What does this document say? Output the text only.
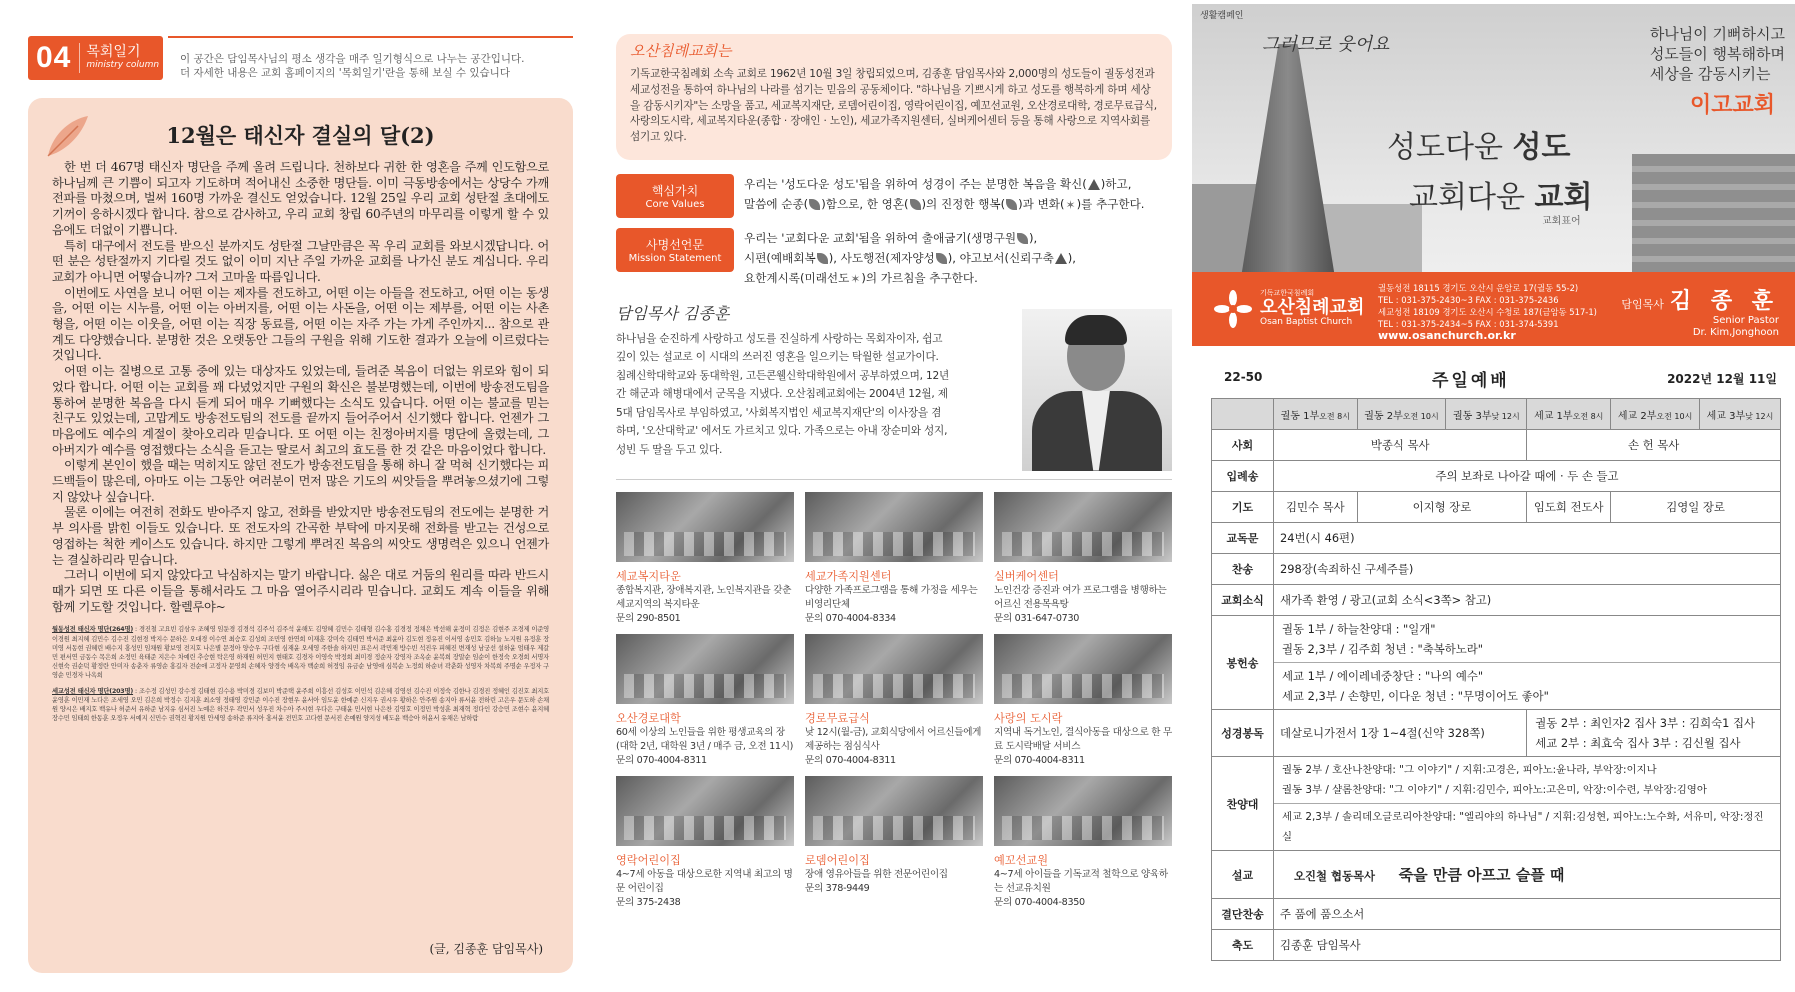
04	목회일기
ministry column 이 공간은 담임목사님의 평소 생각을 매주 일기형식으로 나누는 공간입니다.
더 자세한 내용은 교회 홈페이지의 '목회일기'란을 통해 보실 수 있습니다
12월은 태신자 결실의 달(2)

한 번 더 467명 태신자 명단을 주께 올려 드립니다. 천하보다 귀한 한 영혼을 주께 인도함으로 하나님께 큰 기쁨이 되고자 기도하며 적어내신 소중한 명단들. 이미 극동방송에서는 상당수 가깨 전파를 마쳤으며, 벌써 160명 가까운 결신도 얻었습니다. 12월 25일 우리 교회 성탄절 초대에도 기꺼이 응하시겠다 합니다. 참으로 감사하고, 우리 교회 창립 60주년의 마무리를 이렇게 할 수 있음에도 더없이 기쁩니다.

특히 대구에서 전도를 받으신 분까지도 성탄절 그날만큼은 꼭 우리 교회를 와보시겠답니다. 어떤 분은 성탄절까지 기다릴 것도 없이 이미 지난 주일 가까운 교회를 나가신 분도 계십니다. 우리 교회가 아니면 어떻습니까? 그저 고마울 따름입니다.

이번에도 사연을 보니 어떤 이는 제자를 전도하고, 어떤 이는 아들을 전도하고, 어떤 이는 동생을, 어떤 이는 시누를, 어떤 이는 아버지를, 어떤 이는 사돈을, 어떤 이는 제부를, 어떤 이는 사촌 형을, 어떤 이는 이웃을, 어떤 이는 직장 동료를, 어떤 이는 자주 가는 가게 주인까지... 참으로 관계도 다양했습니다. 분명한 것은 오랫동안 그들의 구원을 위해 기도한 결과가 오늘에 이르렀다는 것입니다.

어떤 이는 질병으로 고통 중에 있는 대상자도 있었는데, 들려준 복음이 더없는 위로와 힘이 되었다 합니다. 어떤 이는 교회를 꽤 다녔었지만 구원의 확신은 불분명했는데, 이번에 방송전도팀을 통하여 분명한 복음을 다시 듣게 되어 매우 기뻐했다는 소식도 있습니다. 어떤 이는 불교를 믿는 친구도 있었는데, 고맙게도 방송전도팀의 전도를 끝까지 들어주어서 신기했다 합니다. 언젠가 그 마음에도 예수의 계절이 찾아오리라 믿습니다. 또 어떤 이는 친정아버지를 명단에 올렸는데, 그 아버지가 예수를 영접했다는 소식을 듣고는 딸로서 최고의 효도를 한 것 같은 마음이었다 합니다.

이렇게 본인이 했을 때는 먹히지도 않던 전도가 방송전도팀을 통해 하니 잘 먹혀 신기했다는 피드백들이 많은데, 아마도 이는 그동안 여러분이 먼저 많은 기도의 씨앗들을 뿌려놓으셨기에 그렇지 않았나 싶습니다.

물론 이에는 여전히 전화도 받아주지 않고, 전화를 받았지만 방송전도팀의 전도에는 분명한 거부 의사를 밝힌 이들도 있습니다. 또 전도자의 간곡한 부탁에 마지못해 전화를 받고는 건성으로 영접하는 척한 케이스도 있습니다. 하지만 그렇게 뿌려진 복음의 씨앗도 생명력은 있으니 언젠가는 결실하리라 믿습니다.

그러니 이번에 되지 않았다고 낙심하지는 말기 바랍니다. 싫은 대로 거둠의 원리를 따라 반드시 때가 되면 또 다른 이들을 통해서라도 그 마음 열어주시리라 믿습니다. 교회도 계속 이들을 위해 함께 기도할 것입니다. 할렐루야~

월동성전 태신자 명단(264명) : 경진철 고요빈 김삼우 조혜영 임둔경 김경석 김주석 김주석 윤해도 김영혜 김민수 김태형 김수홍 김경정 정채은 박선해 윤정미 김정은 김현주 조경제 이준영 이경원 최지혜 김민수 김수진 김현경 박지수 문하은 오대경 이수연 최승호 김성희 조민영 한연희 이재훈 강미숙 김태연 박서준 최윤아 김도현 정유진 이서영 송민호 김하늘 노지원 유정훈 장미영 서동현 권혜린 배수지 홍성민 임채원 황보영 전지호 나은별 문정아 양승우 구다현 심재윤 오세영 주한솔 하지민 표은서 곽민재 방수빈 석진우 피혜진 변재성 남궁선 설하윤 엄태우 제갈민 편서연 금동수 목은희 소정민 육태준 지은수 차예린 추승현 탁은영 하재원 허민지 현태호 김경자 이영숙 박정희 최미경 정순자 강영자 조옥순 윤복희 장말순 임순이 한정숙 오경희 서명자 신현숙 권순덕 황정란 안미자 송춘자 류영순 홍길자 전순애 고정자 문영희 손혜자 양경숙 배옥자 백순희 허정임 유금순 남영애 심복순 노정희 하순녀 곽춘화 성영자 차복희 주명순 우정자 구영순 민경자 나옥희

세교성전 태신자 명단(203명) : 조수정 김성민 강수정 김태현 김수용 박미경 김보미 박준택 윤주희 이흥선 김성호 이민석 김은혜 김영선 김수진 이정숙 김한나 김경진 정혜인 김진호 최지호 윤영훈 이민재 노다은 조세영 오민 김은희 박정수 김지훈 최소영 정태영 강민준 이수진 장현우 윤서아 임도윤 한예준 신지우 권시우 황하은 안주원 송지아 류서윤 전하린 고은우 문도하 손채원 양시은 배지호 백유나 허준서 유하준 남지유 심서진 노예은 하건우 곽민서 성우진 차수아 주시현 우다은 구태윤 민서현 나은찬 김영호 이정민 박성훈 최재혁 정다인 강승민 조현수 윤지혜 장수민 임태희 한동훈 오정우 서예지 신민수 권혁진 황지원 안세영 송하준 류지아 홍서윤 전민호 고다현 문서진 손예원 양지성 배도윤 백승아 허윤서 유채은 남하람

(글, 김종훈 담임목사)
오산침례교회는

기독교한국침례회 소속 교회로 1962년 10월 3일 창립되었으며, 김종훈 담임목사와 2,000명의 성도들이 궐동성전과 세교성전을 통하여 하나님의 나라를 섬기는 믿음의 공동체이다. "하나님을 기쁘시게 하고 성도를 행복하게 하며 세상을 감동시키자"는 소망을 품고, 세교복지재단, 로뎀어린이집, 영락어린이집, 예꼬선교원, 오산경로대학, 경로무료급식, 사랑의도시락, 세교복지타운(종합 · 장애인 · 노인), 세교가족지원센터, 실버케어센터 등을 통해 사랑으로 지역사회를 섬기고 있다.

핵심가치
Core Values
우리는 '성도다운 성도'됨을 위하여 성경이 주는 분명한 복음을 확신( )하고,
말씀에 순종( )함으로, 한 영혼( )의 진정한 행복( )과 변화(✶)를 추구한다.
사명선언문
Mission Statement
우리는 '교회다운 교회'됨을 위하여 출애굽기(생명구원 ),
시편(예배회복 ), 사도행전(제자양성 ), 야고보서(신뢰구축 ),
요한계시록(미래선도✶)의 가르침을 추구한다.
담임목사 김종훈

하나님을 순진하게 사랑하고 성도를 진실하게 사랑하는 목회자이자, 쉽고 깊이 있는 설교로 이 시대의 쓰러진 영혼을 일으키는 탁월한 설교가이다. 침례신학대학교와 동대학원, 고든콘웰신학대학원에서 공부하였으며, 12년간 해군과 해병대에서 군목을 지냈다. 오산침례교회에는 2004년 12월, 제5대 담임목사로 부임하였고, '사회복지법인 세교복지재단'의 이사장을 겸하며, '오산대학교' 에서도 가르치고 있다. 가족으로는 아내 장순미와 성지, 성빈 두 딸을 두고 있다.

세교복지타운
종합복지관, 장애복지관, 노인복지관을 갖춘 세교지역의 복지타운
문의 290-8501
세교가족지원센터
다양한 가족프로그램을 통해 가정을 세우는 비영리단체
문의 070-4004-8334
실버케어센터
노인건강 증진과 여가 프로그램을 병행하는 어르신 전용목욕탕
문의 031-647-0730
오산경로대학
60세 이상의 노인들을 위한 평생교육의 장 (대학 2년, 대학원 3년 / 매주 금, 오전 11시)
문의 070-4004-8311
경로무료급식
낮 12시(월-금), 교회식당에서 어르신들에게 제공하는 점심식사
문의 070-4004-8311
사랑의 도시락
지역내 독거노인, 결식아동을 대상으로 한 무료 도시락배달 서비스
문의 070-4004-8311
영락어린이집
4~7세 아동을 대상으로한 지역내 최고의 명문 어린이집
문의 375-2438
로뎀어린이집
장애 영유아들을 위한 전문어린이집
문의 378-9449
예꼬선교원
4~7세 아이들을 기독교적 철학으로 양육하는 선교유치원
문의 070-4004-8350
생활캠페인
그러므로 웃어요	하나님이 기뻐하시고
성도들이 행복해하며
세상을 감동시키는
이고교회
성도다운 성도
교회다운 교회
교회표어
기독교한국침례회
오산침례교회
Osan Baptist Church
궐동성전 18115 경기도 오산시 운암로 17(궐동 55-2)
TEL : 031-375-2430~3 FAX : 031-375-2436
세교성전 18109 경기도 오산시 수청로 187(금암동 517-1)
TEL : 031-375-2434~5 FAX : 031-374-5391
www.osanchurch.or.kr
담임목사 김 종 훈
Senior Pastor
Dr. Kim,Jonghoon
22-50	주일예배	2022년 12월 11일
	궐동 1부오전 8시	궐동 2부오전 10시	궐동 3부낮 12시	세교 1부오전 8시	세교 2부오전 10시	세교 3부낮 12시
사회	박종식 목사			손 헌 목사		
입례송	주의 보좌로 나아갈 때에 · 두 손 들고					
기도	김민수 목사	이지형 장로		임도희 전도사	김영일 장로	
교독문	24번(시 46편)					
찬송	298장(속죄하신 구세주를)					
교회소식	새가족 환영 / 광고(교회 소식<3쪽> 참고)					
봉헌송	궐동 1부 / 하늘찬양대 : "일개"
궐동 2,3부 / 김주희 청년 : "축복하노라"
세교 1부 / 에이레네중창단 : "나의 예수"
세교 2,3부 / 손향민, 이다운 청년 : "무명이어도 좋아"					

성경봉독	데살로니가전서 1장 1~4절(신약 328쪽)			궐동 2부 : 최인자2 집사 3부 : 김희숙1 집사
세교 2부 : 최효숙 집사 3부 : 김신월 집사		

찬양대	궐동 2부 / 호산나찬양대: "그 이야기" / 지휘:고경은, 피아노:윤나라, 부악장:이지나
궐동 3부 / 샬롬찬양대: "그 이야기" / 지휘:김민수, 피아노:고은미, 악장:이수련, 부악장:김영아
세교 2,3부 / 솔리데오글로리아찬양대: "엘리야의 하나님" / 지휘:김성현, 피아노:노수화, 서유미, 악장:정진실					

설교	오진철 협동목사 죽을 만큼 아프고 슬플 때					
결단찬송	주 품에 품으소서					
축도	김종훈 담임목사					
